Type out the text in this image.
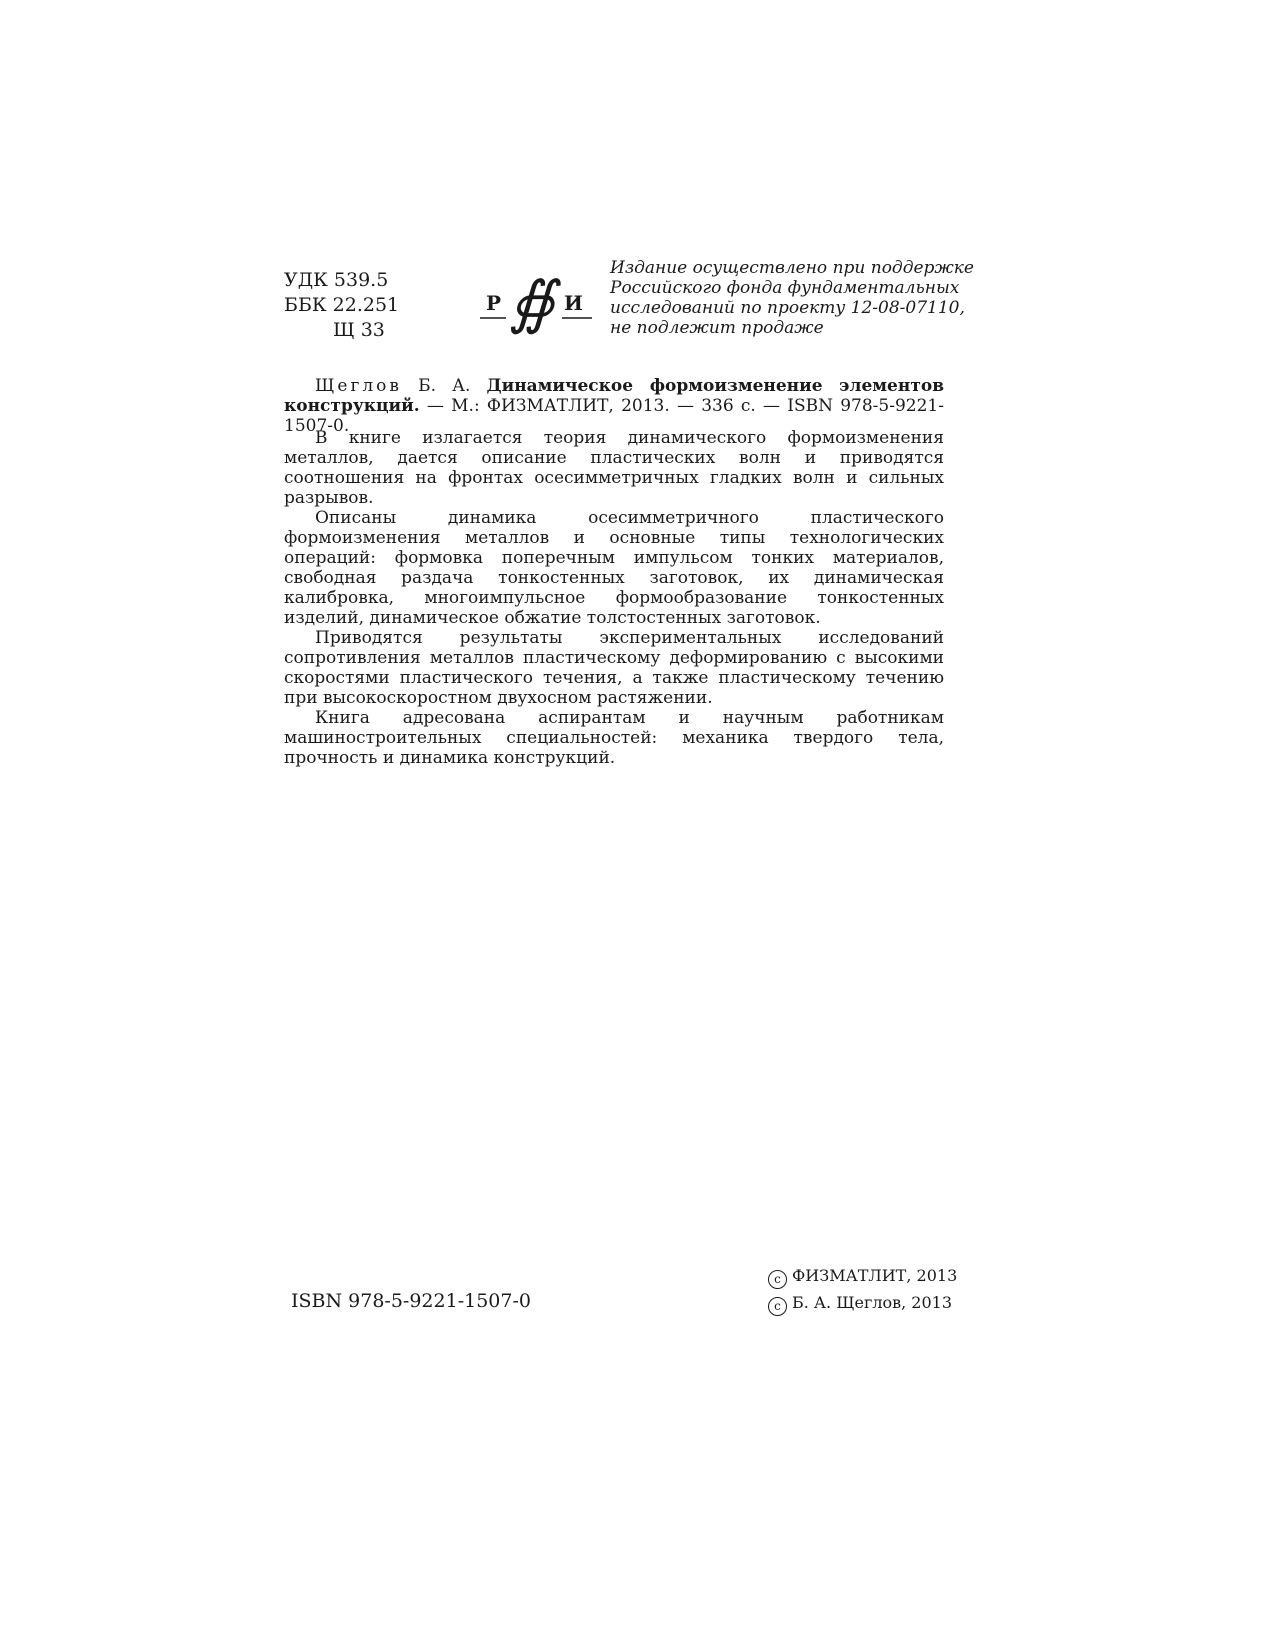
УДК 539.5
ББК 22.251
Щ 33
Р ∯ И
Издание осуществлено при поддержке
Российского фонда фундаментальных
исследований по проекту 12-08-07110,
не подлежит продаже
Щеглов Б. А. Динамическое формоизменение элементов конструкций. — М.: ФИЗМАТЛИТ, 2013. — 336 с. — ISBN 978-5-9221-1507-0.

В книге излагается теория динамического формоизменения металлов, дается описание пластических волн и приводятся соотношения на фронтах осесимметричных гладких волн и сильных разрывов.

Описаны динамика осесимметричного пластического формоизменения металлов и основные типы технологических операций: формовка поперечным импульсом тонких материалов, свободная раздача тонкостенных заготовок, их динамическая калибровка, многоимпульсное формообразование тонкостенных изделий, динамическое обжатие толстостенных заготовок.

Приводятся результаты экспериментальных исследований сопротивления металлов пластическому деформированию с высокими скоростями пластического течения, а также пластическому течению при высокоскоростном двухосном растяжении.

Книга адресована аспирантам и научным работникам машиностроительных специальностей: механика твердого тела, прочность и динамика конструкций.

ISBN 978-5-9221-1507-0
c ФИЗМАТЛИТ, 2013
c Б. А. Щеглов, 2013
